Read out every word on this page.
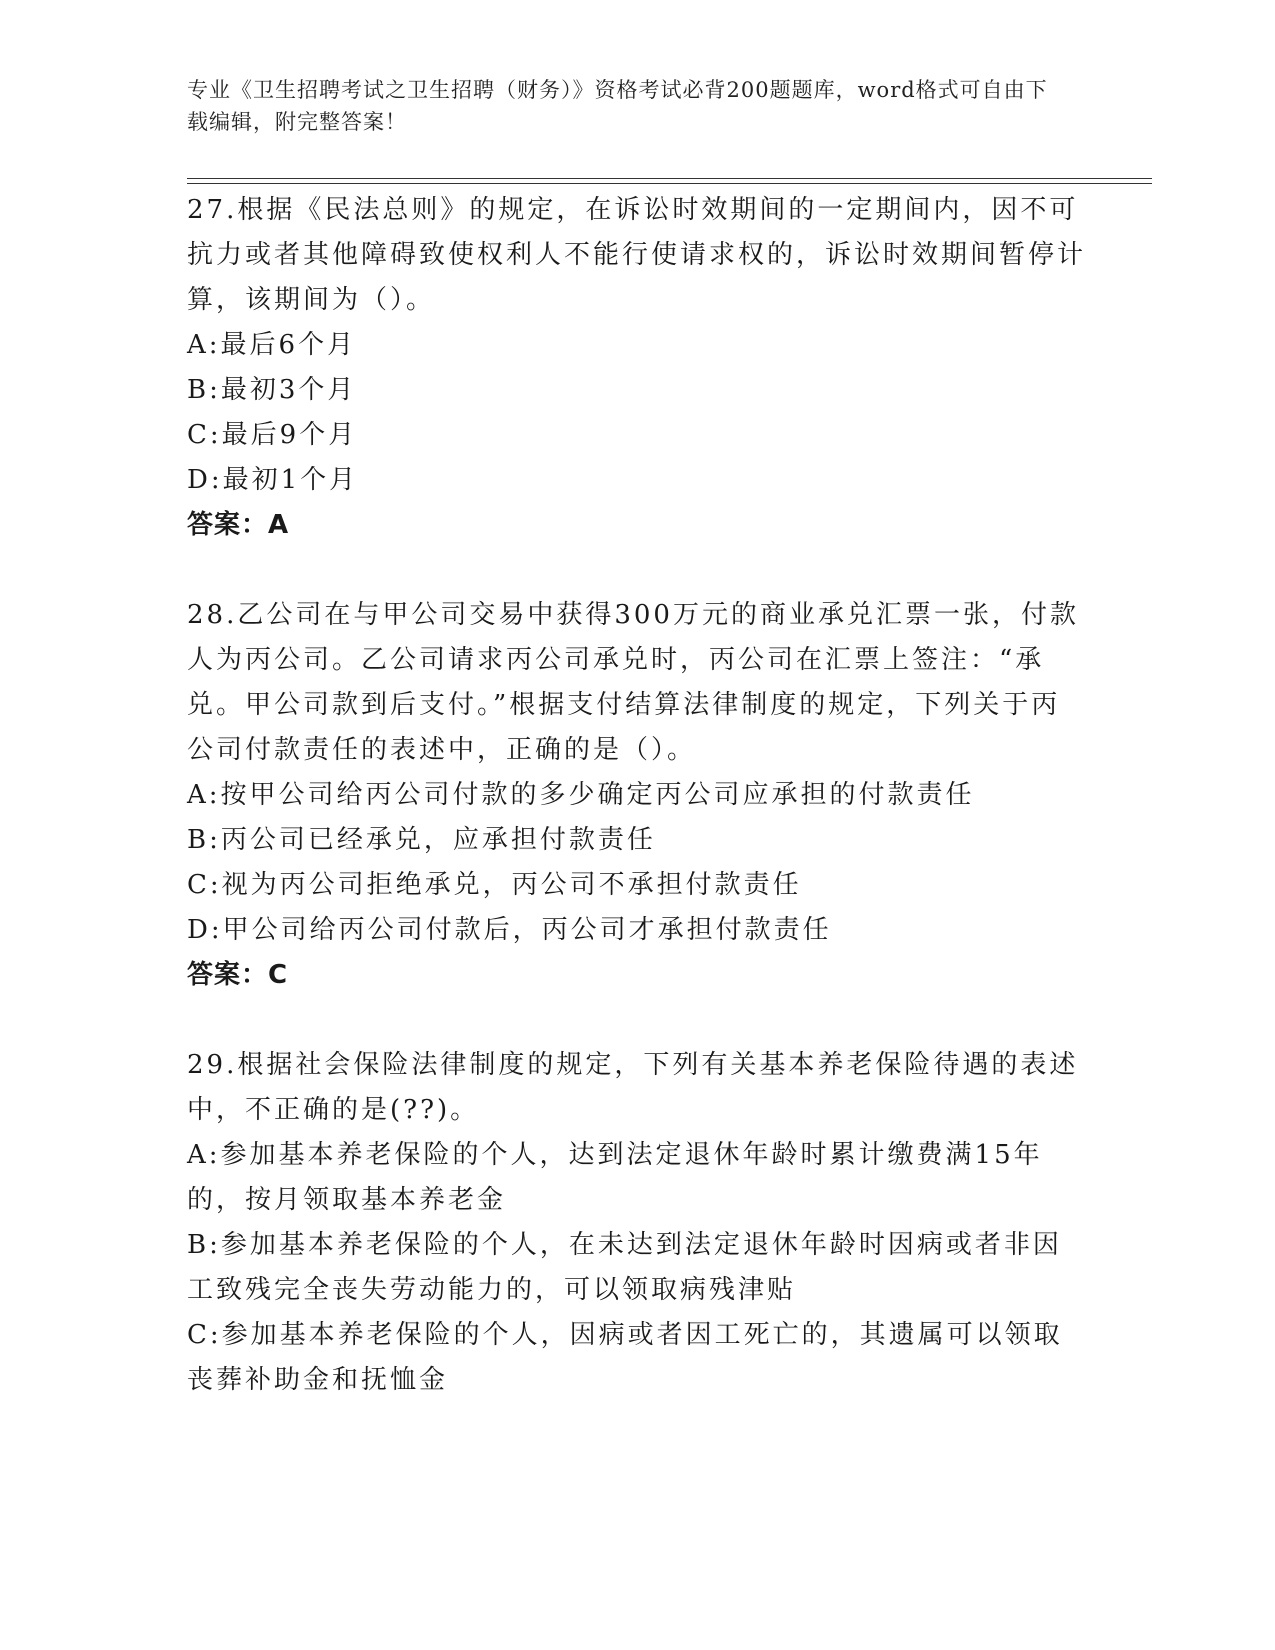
专业《卫生招聘考试之卫生招聘（财务）》资格考试必背200题题库，word格式可自由下载编辑，附完整答案！

27.根据《民法总则》的规定，在诉讼时效期间的一定期间内，因不可抗力或者其他障碍致使权利人不能行使请求权的，诉讼时效期间暂停计算，该期间为（）。

A:最后6个月

B:最初3个月

C:最后9个月

D:最初1个月

答案：A

28.乙公司在与甲公司交易中获得300万元的商业承兑汇票一张，付款人为丙公司。乙公司请求丙公司承兑时，丙公司在汇票上签注：“承兑。甲公司款到后支付。”根据支付结算法律制度的规定，下列关于丙公司付款责任的表述中，正确的是（）。

A:按甲公司给丙公司付款的多少确定丙公司应承担的付款责任

B:丙公司已经承兑，应承担付款责任

C:视为丙公司拒绝承兑，丙公司不承担付款责任

D:甲公司给丙公司付款后，丙公司才承担付款责任

答案：C

29.根据社会保险法律制度的规定，下列有关基本养老保险待遇的表述中，不正确的是(??)。

A:参加基本养老保险的个人，达到法定退休年龄时累计缴费满15年的，按月领取基本养老金

B:参加基本养老保险的个人，在未达到法定退休年龄时因病或者非因工致残完全丧失劳动能力的，可以领取病残津贴

C:参加基本养老保险的个人，因病或者因工死亡的，其遗属可以领取丧葬补助金和抚恤金
